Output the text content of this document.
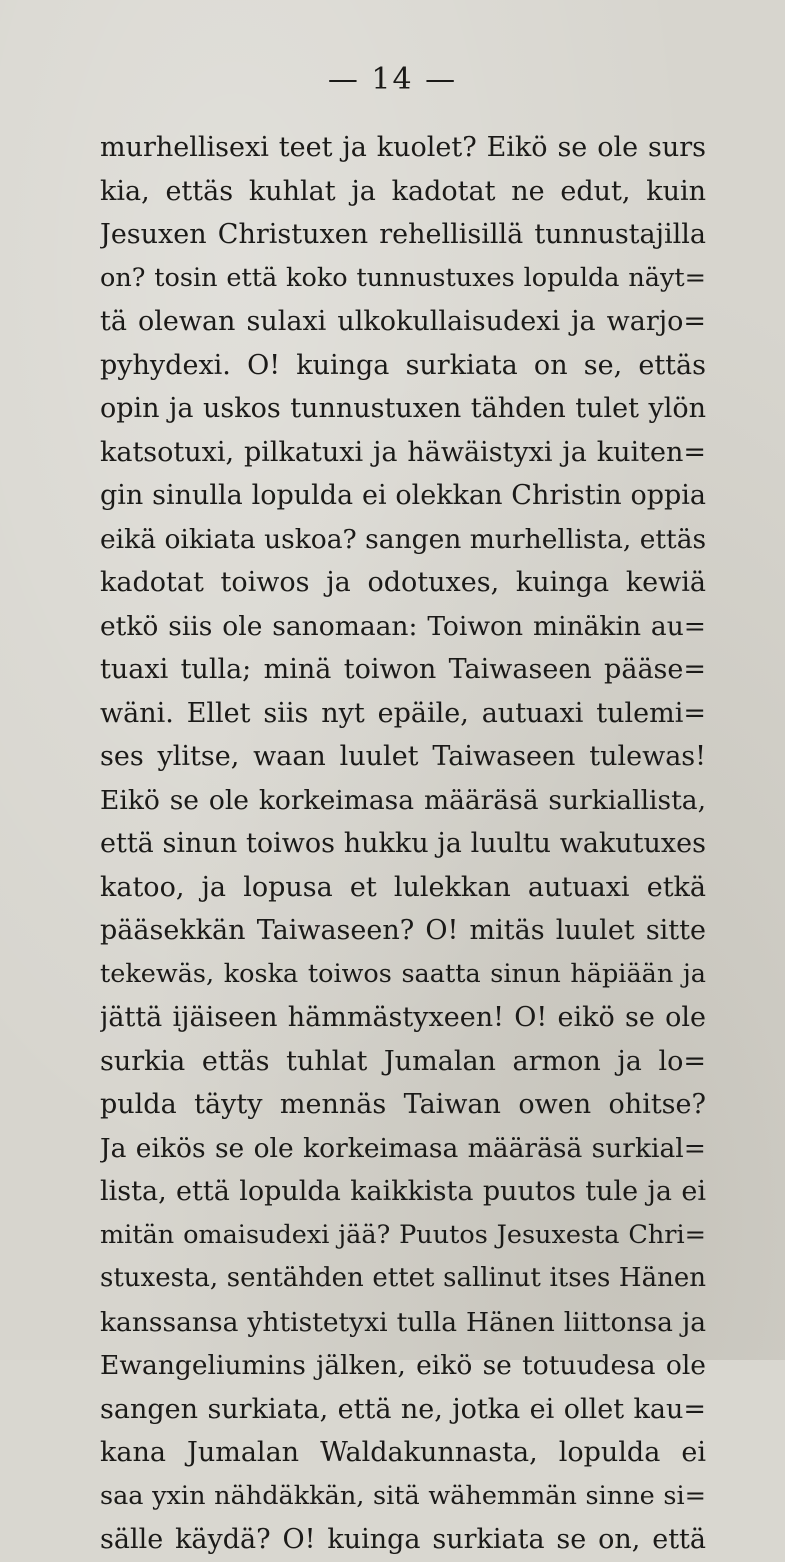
— 14 —
murhellisexi teet ja kuolet? Eikö se ole surs
kia, ettäs kuhlat ja kadotat ne edut, kuin
Jesuxen Christuxen rehellisillä tunnustajilla
on? tosin että koko tunnustuxes lopulda näyt=
tä olewan sulaxi ulkokullaisudexi ja warjo=
pyhydexi. O! kuinga surkiata on se, ettäs
opin ja uskos tunnustuxen tähden tulet ylön
katsotuxi, pilkatuxi ja häwäistyxi ja kuiten=
gin sinulla lopulda ei olekkan Christin oppia
eikä oikiata uskoa? sangen murhellista, ettäs
kadotat toiwos ja odotuxes, kuinga kewiä
etkö siis ole sanomaan: Toiwon minäkin au=
tuaxi tulla; minä toiwon Taiwaseen pääse=
wäni. Ellet siis nyt epäile, autuaxi tulemi=
ses ylitse, waan luulet Taiwaseen tulewas!
Eikö se ole korkeimasa määräsä surkiallista,
että sinun toiwos hukku ja luultu wakutuxes
katoo, ja lopusa et lulekkan autuaxi etkä
pääsekkän Taiwaseen? O! mitäs luulet sitte
tekewäs, koska toiwos saatta sinun häpiään ja
jättä ijäiseen hämmästyxeen! O! eikö se ole
surkia ettäs tuhlat Jumalan armon ja lo=
pulda täyty mennäs Taiwan owen ohitse?
Ja eikös se ole korkeimasa määräsä surkial=
lista, että lopulda kaikkista puutos tule ja ei
mitän omaisudexi jää? Puutos Jesuxesta Chri=
stuxesta, sentähden ettet sallinut itses Hänen
kanssansa yhtistetyxi tulla Hänen liittonsa ja
Ewangeliumins jälken, eikö se totuudesa ole
sangen surkiata, että ne, jotka ei ollet kau=
kana Jumalan Waldakunnasta, lopulda ei
saa yxin nähdäkkän, sitä wähemmän sinne si=
sälle käydä? O! kuinga surkiata se on, että
